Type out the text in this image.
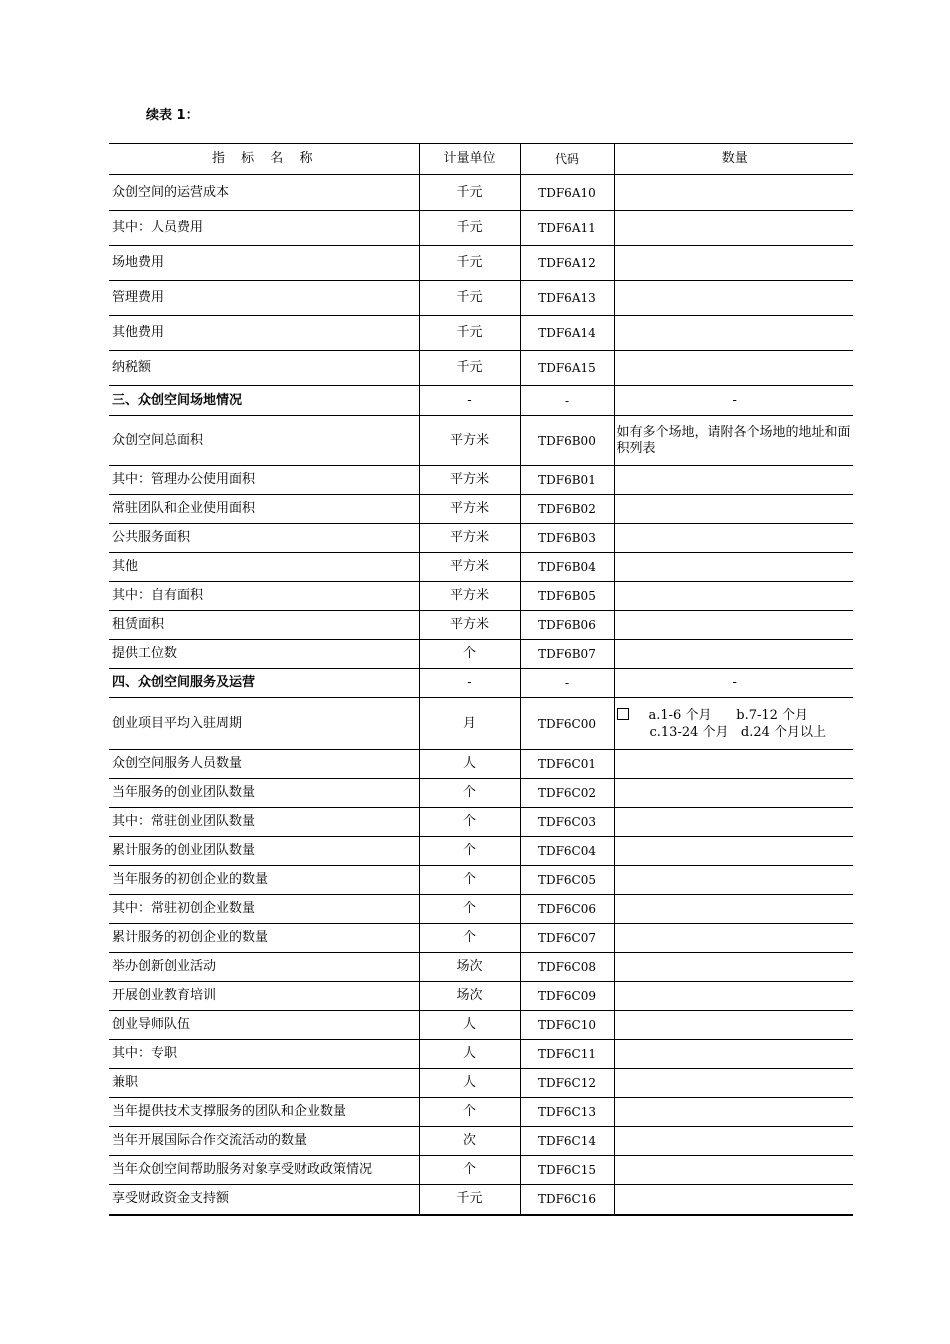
续表 1：
指 标 名 称	计量单位	代码	数量
众创空间的运营成本	千元	TDF6A10	
其中：人员费用	千元	TDF6A11	
场地费用	千元	TDF6A12	
管理费用	千元	TDF6A13	
其他费用	千元	TDF6A14	
纳税额	千元	TDF6A15	
三、众创空间场地情况	-	-	-
众创空间总面积	平方米	TDF6B00	如有多个场地，请附各个场地的地址和面积列表
其中：管理办公使用面积	平方米	TDF6B01	
常驻团队和企业使用面积	平方米	TDF6B02	
公共服务面积	平方米	TDF6B03	
其他	平方米	TDF6B04	
其中：自有面积	平方米	TDF6B05	
租赁面积	平方米	TDF6B06	
提供工位数	个	TDF6B07	
四、众创空间服务及运营	-	-	-
创业项目平均入驻周期	月	TDF6C00	a.1-6 个月      b.7-12 个月
c.13-24 个月   d.24 个月以上

众创空间服务人员数量	人	TDF6C01	
当年服务的创业团队数量	个	TDF6C02	
其中：常驻创业团队数量	个	TDF6C03	
累计服务的创业团队数量	个	TDF6C04	
当年服务的初创企业的数量	个	TDF6C05	
其中：常驻初创企业数量	个	TDF6C06	
累计服务的初创企业的数量	个	TDF6C07	
举办创新创业活动	场次	TDF6C08	
开展创业教育培训	场次	TDF6C09	
创业导师队伍	人	TDF6C10	
其中：专职	人	TDF6C11	
兼职	人	TDF6C12	
当年提供技术支撑服务的团队和企业数量	个	TDF6C13	
当年开展国际合作交流活动的数量	次	TDF6C14	
当年众创空间帮助服务对象享受财政政策情况	个	TDF6C15	
享受财政资金支持额	千元	TDF6C16	
